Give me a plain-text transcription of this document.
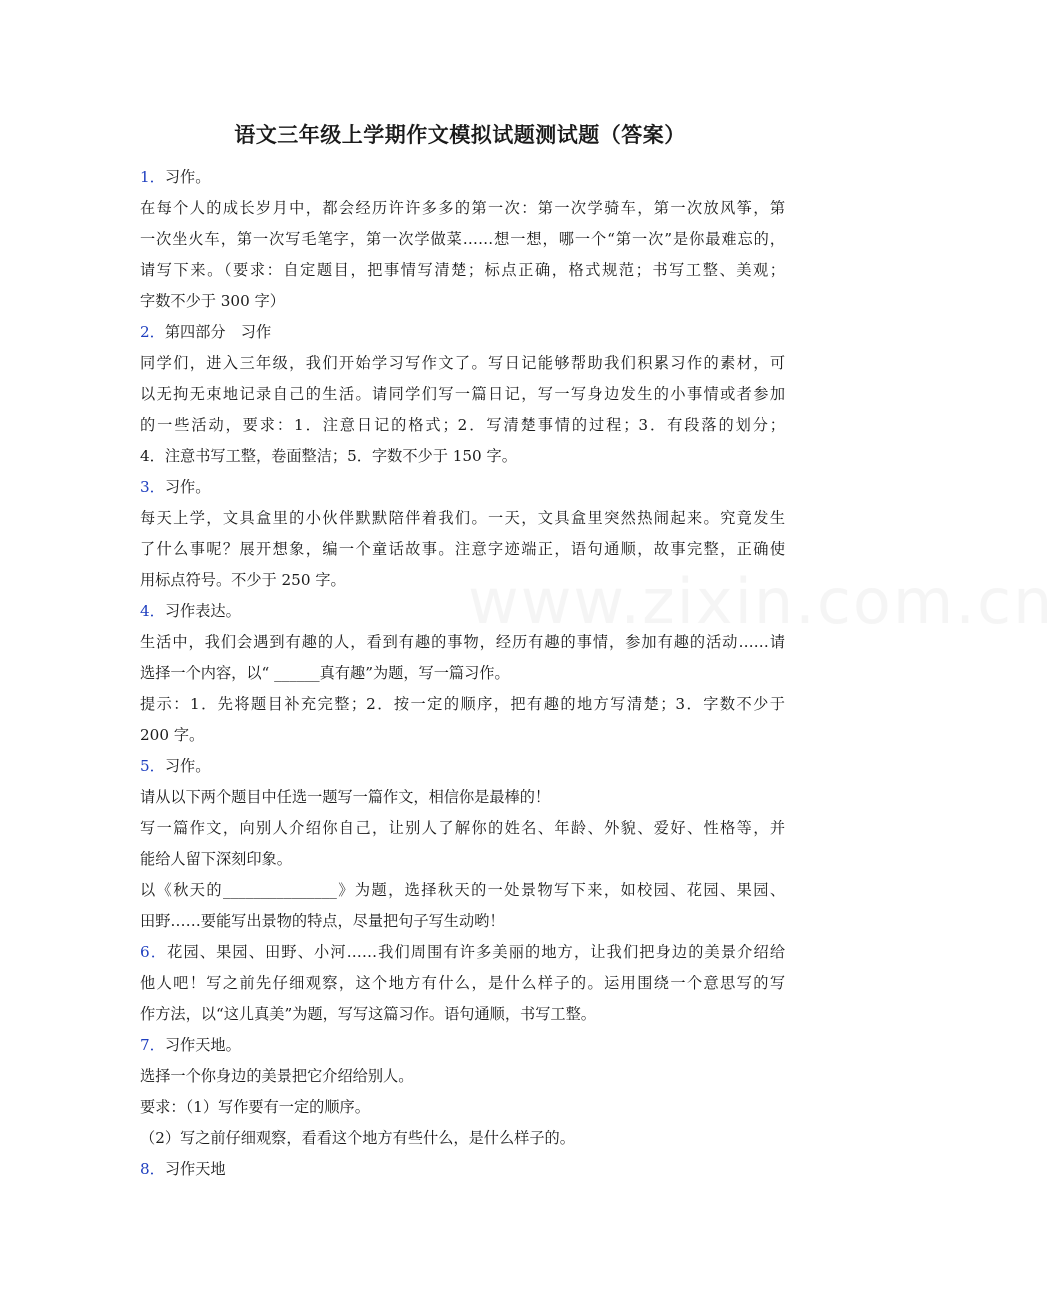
www.zixin.com.cn
语文三年级上学期作文模拟试题测试题（答案）
1．习作。
在每个人的成长岁月中，都会经历许许多多的第一次：第一次学骑车，第一次放风筝，第
一次坐火车，第一次写毛笔字，第一次学做菜……想一想，哪一个“第一次”是你最难忘的，
请写下来。（要求：自定题目，把事情写清楚；标点正确，格式规范；书写工整、美观；
字数不少于 300 字）
2．第四部分　习作
同学们，进入三年级，我们开始学习写作文了。写日记能够帮助我们积累习作的素材，可
以无拘无束地记录自己的生活。请同学们写一篇日记，写一写身边发生的小事情或者参加
的一些活动，要求：1．注意日记的格式；2．写清楚事情的过程；3．有段落的划分；
4．注意书写工整，卷面整洁；5．字数不少于 150 字。
3．习作。
每天上学，文具盒里的小伙伴默默陪伴着我们。一天，文具盒里突然热闹起来。究竟发生
了什么事呢？展开想象，编一个童话故事。注意字迹端正，语句通顺，故事完整，正确使
用标点符号。不少于 250 字。
4．习作表达。
生活中，我们会遇到有趣的人，看到有趣的事物，经历有趣的事情，参加有趣的活动……请
选择一个内容，以“ ______真有趣”为题，写一篇习作。
提示：1．先将题目补充完整；2．按一定的顺序，把有趣的地方写清楚；3．字数不少于
200 字。
5．习作。
请从以下两个题目中任选一题写一篇作文，相信你是最棒的！
写一篇作文，向别人介绍你自己，让别人了解你的姓名、年龄、外貌、爱好、性格等，并
能给人留下深刻印象。
以《秋天的_______________》为题，选择秋天的一处景物写下来，如校园、花园、果园、
田野……要能写出景物的特点，尽量把句子写生动哟！
6．花园、果园、田野、小河……我们周围有许多美丽的地方，让我们把身边的美景介绍给
他人吧！写之前先仔细观察，这个地方有什么，是什么样子的。运用围绕一个意思写的写
作方法，以“这儿真美”为题，写写这篇习作。语句通顺，书写工整。
7．习作天地。
选择一个你身边的美景把它介绍给别人。
要求：（1）写作要有一定的顺序。
（2）写之前仔细观察，看看这个地方有些什么，是什么样子的。
8．习作天地
